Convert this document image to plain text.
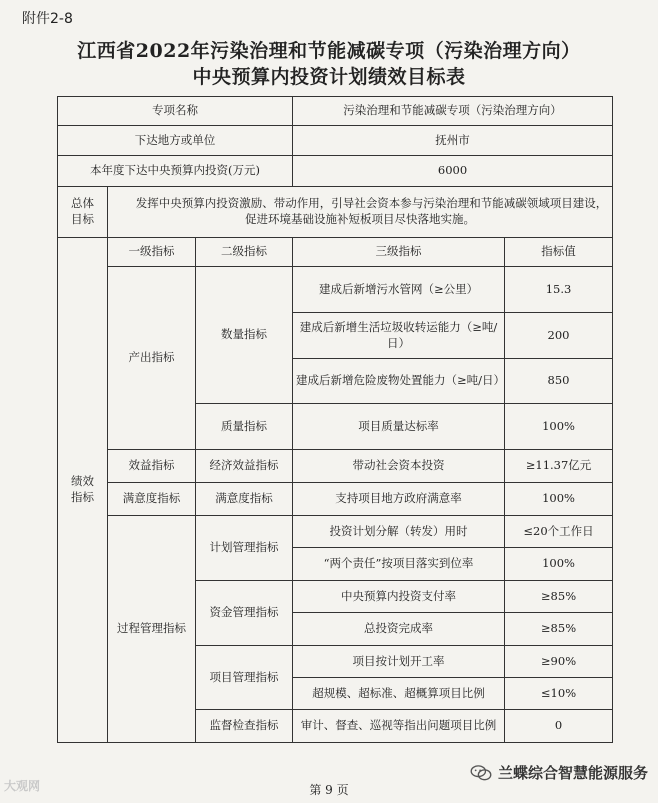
附件2-8
江西省2022年污染治理和节能减碳专项（污染治理方向）
中央预算内投资计划绩效目标表
专项名称			污染治理和节能减碳专项（污染治理方向）	
下达地方或单位			抚州市	
本年度下达中央预算内投资(万元)			6000	

总体
目标	发挥中央预算内投资激励、带动作用，引导社会资本参与污染治理和节能减碳领域项目建设，促进环境基础设施补短板项目尽快落地实施。			

绩效
指标	一级指标	二级指标	三级指标	指标值
	产出指标	数量指标	建成后新增污水管网（≥公里）	15.3
			建成后新增生活垃圾收转运能力（≥吨/日）	200
			建成后新增危险废物处置能力（≥吨/日）	850
		质量指标	项目质量达标率	100%
	效益指标	经济效益指标	带动社会资本投资	≥11.37亿元
	满意度指标	满意度指标	支持项目地方政府满意率	100%
	过程管理指标	计划管理指标	投资计划分解（转发）用时	≤20个工作日
			“两个责任”按项目落实到位率	100%
		资金管理指标	中央预算内投资支付率	≥85%
			总投资完成率	≥85%
		项目管理指标	项目按计划开工率	≥90%
			超规模、超标准、超概算项目比例	≤10%
		监督检查指标	审计、督查、巡视等指出问题项目比例	0
大观网	第 9 页
兰蝶综合智慧能源服务
